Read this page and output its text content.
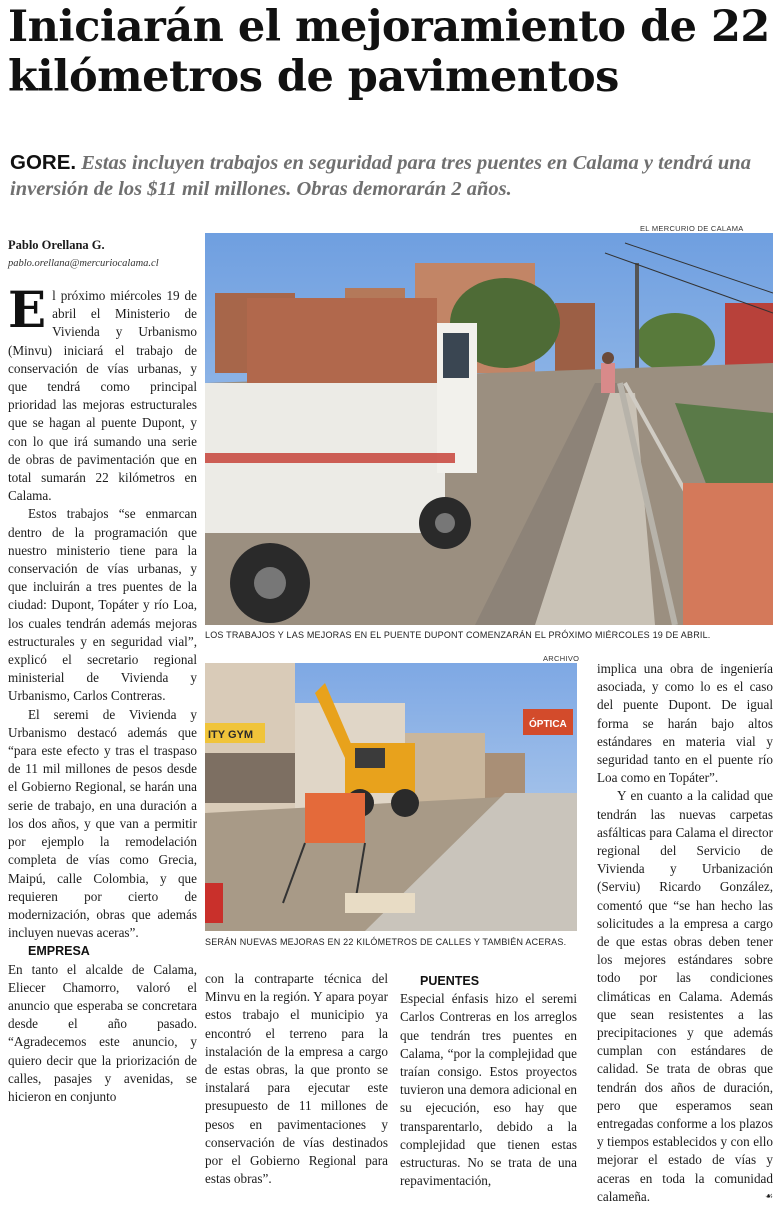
Iniciarán el mejoramiento de 22 kilómetros de pavimentos
GORE. Estas incluyen trabajos en seguridad para tres puentes en Calama y tendrá una inversión de los $11 mil millones. Obras demorarán 2 años.
Pablo Orellana G.
pablo.orellana@mercuriocalama.cl
EL MERCURIO DE CALAMA
LOS TRABAJOS Y LAS MEJORAS EN EL PUENTE DUPONT COMENZARÁN EL PRÓXIMO MIÉRCOLES 19 DE ABRIL.
ARCHIVO
ITY GYM
ÓPTICA
SERÁN NUEVAS MEJORAS EN 22 KILÓMETROS DE CALLES Y TAMBIÉN ACERAS.

El próximo miércoles 19 de abril el Ministerio de Vivienda y Urbanismo (Minvu) iniciará el trabajo de conservación de vías urbanas, y que tendrá como principal prioridad las mejoras estructurales que se hagan al puente Dupont, y con lo que irá sumando una serie de obras de pavimentación que en total sumarán 22 kilómetros en Calama.

Estos trabajos “se enmarcan dentro de la programación que nuestro ministerio tiene para la conservación de vías urbanas, y que incluirán a tres puentes de la ciudad: Dupont, Topáter y río Loa, los cuales tendrán además mejoras estructurales y en seguridad vial”, explicó el secretario regional ministerial de Vivienda y Urbanismo, Carlos Contreras.

El seremi de Vivienda y Urbanismo destacó además que “para este efecto y tras el traspaso de 11 mil millones de pesos desde el Gobierno Regional, se harán una serie de trabajo, en una duración a los dos años, y que van a permitir por ejemplo la remodelación completa de vías como Grecia, Maipú, calle Colombia, y que requieren por cierto de modernización, obras que además incluyen nuevas aceras”.

EMPRESA

En tanto el alcalde de Calama, Eliecer Chamorro, valoró el anuncio que esperaba se concretara desde el año pasado. “Agradecemos este anuncio, y quiero decir que la priorización de calles, pasajes y avenidas, se hicieron en conjunto

con la contraparte técnica del Minvu en la región. Y apara poyar estos trabajo el municipio ya encontró el terreno para la instalación de la empresa a cargo de estas obras, la que pronto se instalará para ejecutar este presupuesto de 11 millones de pesos en pavimentaciones y conservación de vías destinados por el Gobierno Regional para estas obras”.

PUENTES

Especial énfasis hizo el seremi Carlos Contreras en los arreglos que tendrán tres puentes en Calama, “por la complejidad que traían consigo. Estos proyectos tuvieron una demora adicional en su ejecución, eso hay que transparentarlo, debido a la complejidad que tienen estas estructuras. No se trata de una repavimentación,

implica una obra de ingeniería asociada, y como lo es el caso del puente Dupont. De igual forma se harán bajo altos estándares en materia vial y seguridad tanto en el puente río Loa como en Topáter”.

Y en cuanto a la calidad que tendrán las nuevas carpetas asfálticas para Calama el director regional del Servicio de Vivienda y Urbanización (Serviu) Ricardo González, comentó que “se han hecho las solicitudes a la empresa a cargo de que estas obras deben tener los mejores estándares sobre todo por las condiciones climáticas en Calama. Además que sean resistentes a las precipitaciones y que además cumplan con estándares de calidad. Se trata de obras que tendrán dos años de duración, pero que esperamos sean entregadas conforme a los plazos y tiempos establecidos y con ello mejorar el estado de vías y aceras en toda la comunidad calameña.	☙
